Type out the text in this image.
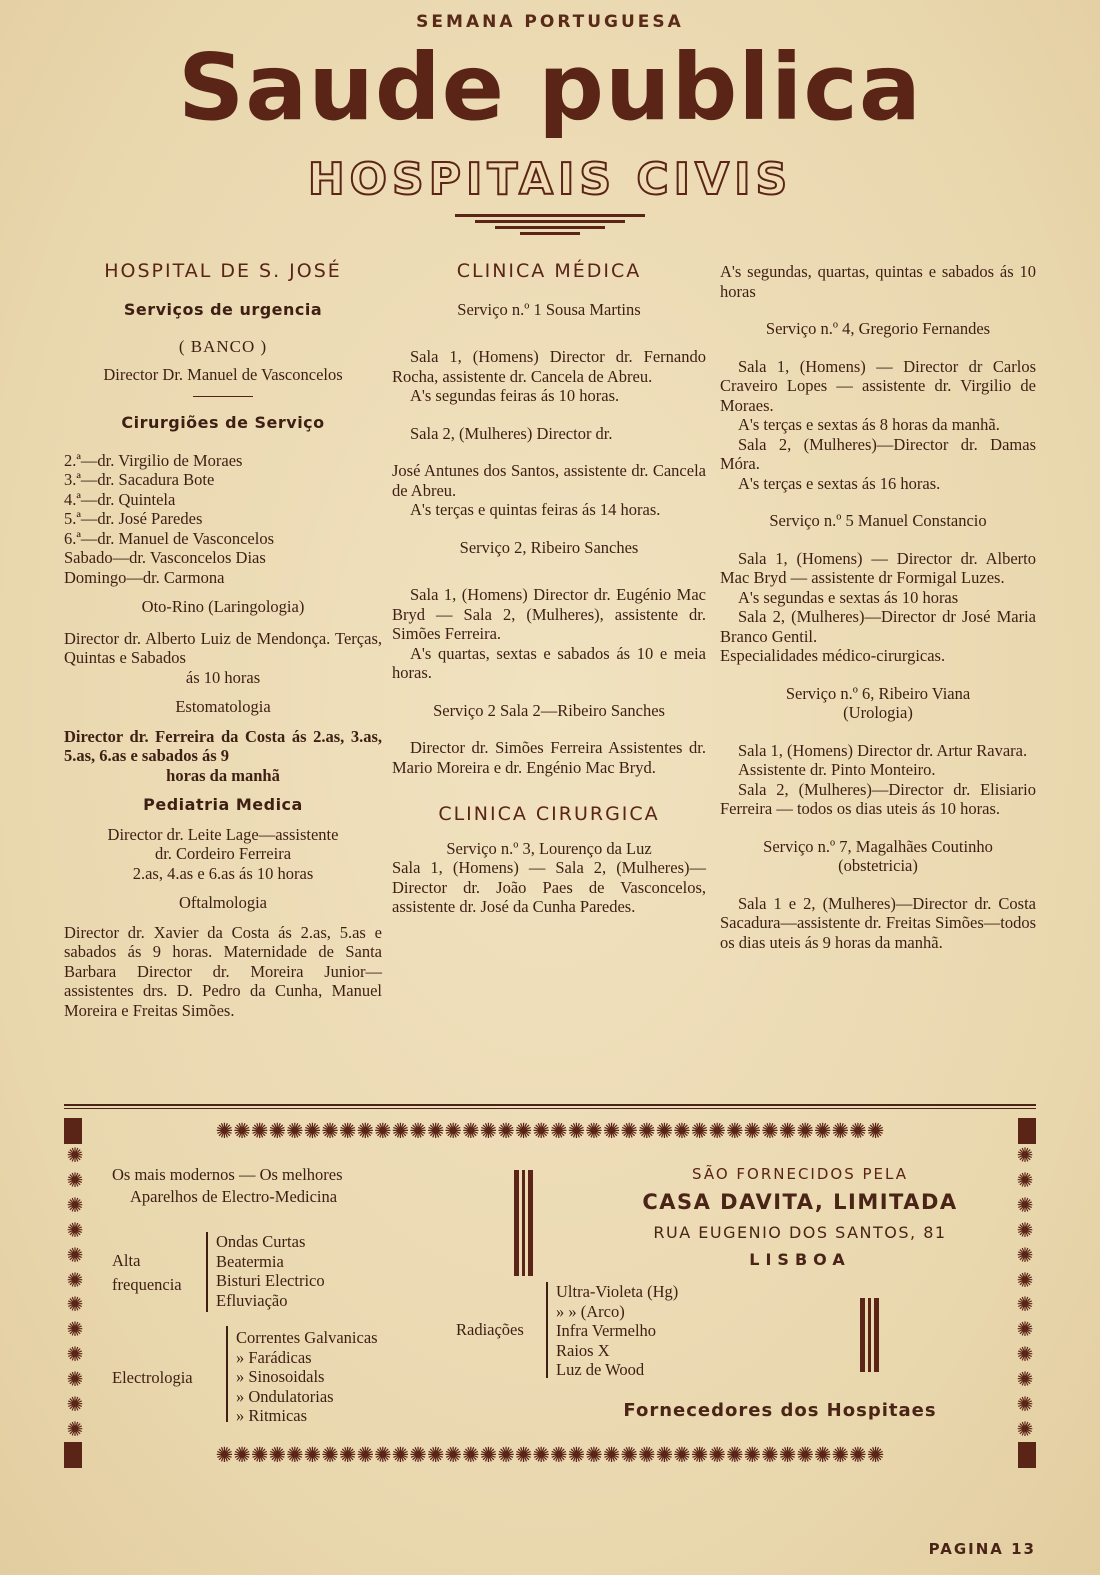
SEMANA PORTUGUESA
Saude publica
HOSPITAIS CIVIS
HOSPITAL DE S. JOSÉ
Serviços de urgencia
( BANCO )
Director Dr. Manuel de Vasconcelos
Cirurgiões de Serviço
2.ª—dr. Virgilio de Moraes
3.ª—dr. Sacadura Bote
4.ª—dr. Quintela
5.ª—dr. José Paredes
6.ª—dr. Manuel de Vasconcelos
Sabado—dr. Vasconcelos Dias
Domingo—dr. Carmona
Oto-Rino (Laringologia)
Director dr. Alberto Luiz de Mendonça. Terças, Quintas e Sabados
ás 10 horas
Estomatologia
Director dr. Ferreira da Costa ás 2.as, 3.as, 5.as, 6.as e sabados ás 9
horas da manhã
Pediatria Medica
Director dr. Leite Lage—assistente
dr. Cordeiro Ferreira
2.as, 4.as e 6.as ás 10 horas
Oftalmologia
Director dr. Xavier da Costa ás 2.as, 5.as e sabados ás 9 horas. Maternidade de Santa Barbara Director dr. Moreira Junior—assistentes drs. D. Pedro da Cunha, Manuel Moreira e Freitas Simões.
CLINICA MÉDICA
Serviço n.º 1 Sousa Martins
Sala 1, (Homens) Director dr. Fernando Rocha, assistente dr. Cancela de Abreu.
A's segundas feiras ás 10 horas.
Sala 2, (Mulheres) Director dr.
José Antunes dos Santos, assistente dr. Cancela de Abreu.
A's terças e quintas feiras ás 14 horas.
Serviço 2, Ribeiro Sanches
Sala 1, (Homens) Director dr. Eugénio Mac Bryd — Sala 2, (Mulheres), assistente dr. Simões Ferreira.
A's quartas, sextas e sabados ás 10 e meia horas.
Serviço 2 Sala 2—Ribeiro Sanches
Director dr. Simões Ferreira Assistentes dr. Mario Moreira e dr. Engénio Mac Bryd.
CLINICA CIRURGICA
Serviço n.º 3, Lourenço da Luz
Sala 1, (Homens) — Sala 2, (Mulheres)—Director dr. João Paes de Vasconcelos, assistente dr. José da Cunha Paredes.
A's segundas, quartas, quintas e sabados ás 10 horas
Serviço n.º 4, Gregorio Fernandes
Sala 1, (Homens) — Director dr Carlos Craveiro Lopes — assistente dr. Virgilio de Moraes.
A's terças e sextas ás 8 horas da manhã.
Sala 2, (Mulheres)—Director dr. Damas Móra.
A's terças e sextas ás 16 horas.
Serviço n.º 5 Manuel Constancio
Sala 1, (Homens) — Director dr. Alberto Mac Bryd — assistente dr Formigal Luzes.
A's segundas e sextas ás 10 horas
Sala 2, (Mulheres)—Director dr José Maria Branco Gentil.
Especialidades médico-cirurgicas.
Serviço n.º 6, Ribeiro Viana
(Urologia)
Sala 1, (Homens) Director dr. Artur Ravara.
Assistente dr. Pinto Monteiro.
Sala 2, (Mulheres)—Director dr. Elisiario Ferreira — todos os dias uteis ás 10 horas.
Serviço n.º 7, Magalhães Coutinho
(obstetricia)
Sala 1 e 2, (Mulheres)—Director dr. Costa Sacadura—assistente dr. Freitas Simões—todos os dias uteis ás 9 horas da manhã.
✺✺✺✺✺✺✺✺✺✺✺✺✺✺✺✺✺✺✺✺✺✺✺✺✺✺✺✺✺✺✺✺✺✺✺✺✺✺
✺
✺
✺
✺
✺
✺
✺
✺
✺
✺
✺
✺
✺
✺
✺
✺
✺
✺
✺
✺
✺
✺
✺
✺
✺✺✺✺✺✺✺✺✺✺✺✺✺✺✺✺✺✺✺✺✺✺✺✺✺✺✺✺✺✺✺✺✺✺✺✺✺✺
Os mais modernos — Os melhores
Aparelhos de Electro-Medicina
Alta
frequencia
Ondas Curtas
Beatermia
Bisturi Electrico
Efluviação
Electrologia
Correntes Galvanicas
» Farádicas
» Sinosoidals
» Ondulatorias
» Ritmicas
Radiações
Ultra-Violeta (Hg)
» » (Arco)
Infra Vermelho
Raios X
Luz de Wood
SÃO FORNECIDOS PELA
CASA DAVITA, LIMITADA
RUA EUGENIO DOS SANTOS, 81
LISBOA
Fornecedores dos Hospitaes
PAGINA 13
